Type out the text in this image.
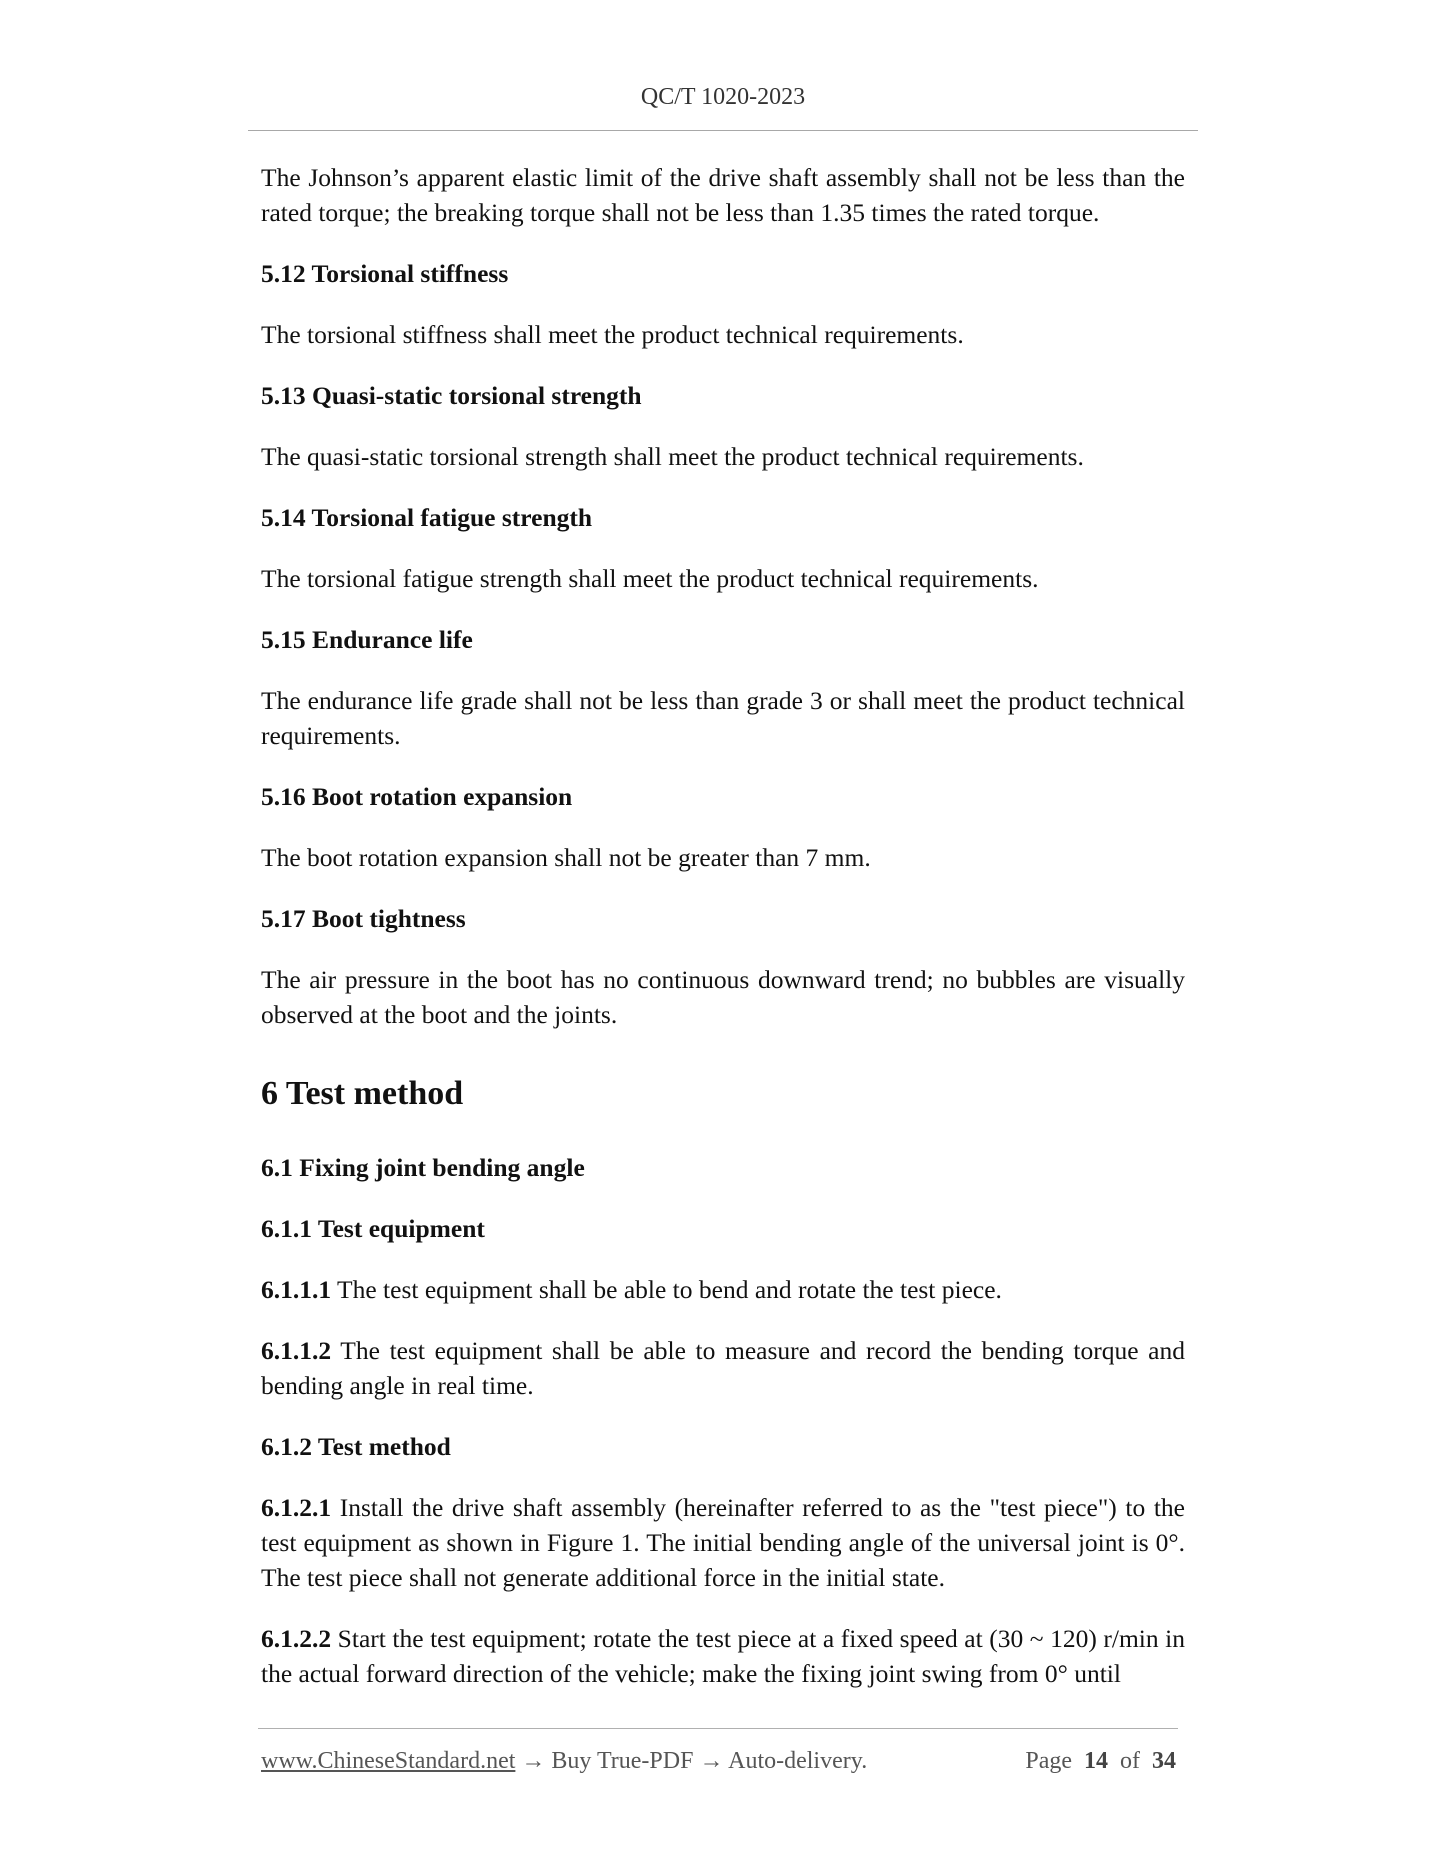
QC/T 1020-2023

The Johnson’s apparent elastic limit of the drive shaft assembly shall not be less than the rated torque; the breaking torque shall not be less than 1.35 times the rated torque.

5.12 Torsional stiffness

The torsional stiffness shall meet the product technical requirements.

5.13 Quasi-static torsional strength

The quasi-static torsional strength shall meet the product technical requirements.

5.14 Torsional fatigue strength

The torsional fatigue strength shall meet the product technical requirements.

5.15 Endurance life

The endurance life grade shall not be less than grade 3 or shall meet the product technical requirements.

5.16 Boot rotation expansion

The boot rotation expansion shall not be greater than 7 mm.

5.17 Boot tightness

The air pressure in the boot has no continuous downward trend; no bubbles are visually observed at the boot and the joints.

6 Test method
6.1 Fixing joint bending angle
6.1.1 Test equipment

6.1.1.1 The test equipment shall be able to bend and rotate the test piece.

6.1.1.2 The test equipment shall be able to measure and record the bending torque and bending angle in real time.

6.1.2 Test method

6.1.2.1 Install the drive shaft assembly (hereinafter referred to as the "test piece") to the test equipment as shown in Figure 1. The initial bending angle of the universal joint is 0°. The test piece shall not generate additional force in the initial state.

6.1.2.2 Start the test equipment; rotate the test piece at a fixed speed at (30 ~ 120) r/min in the actual forward direction of the vehicle; make the fixing joint swing from 0° until

www.ChineseStandard.net → Buy True-PDF → Auto-delivery.	Page 14 of 34
